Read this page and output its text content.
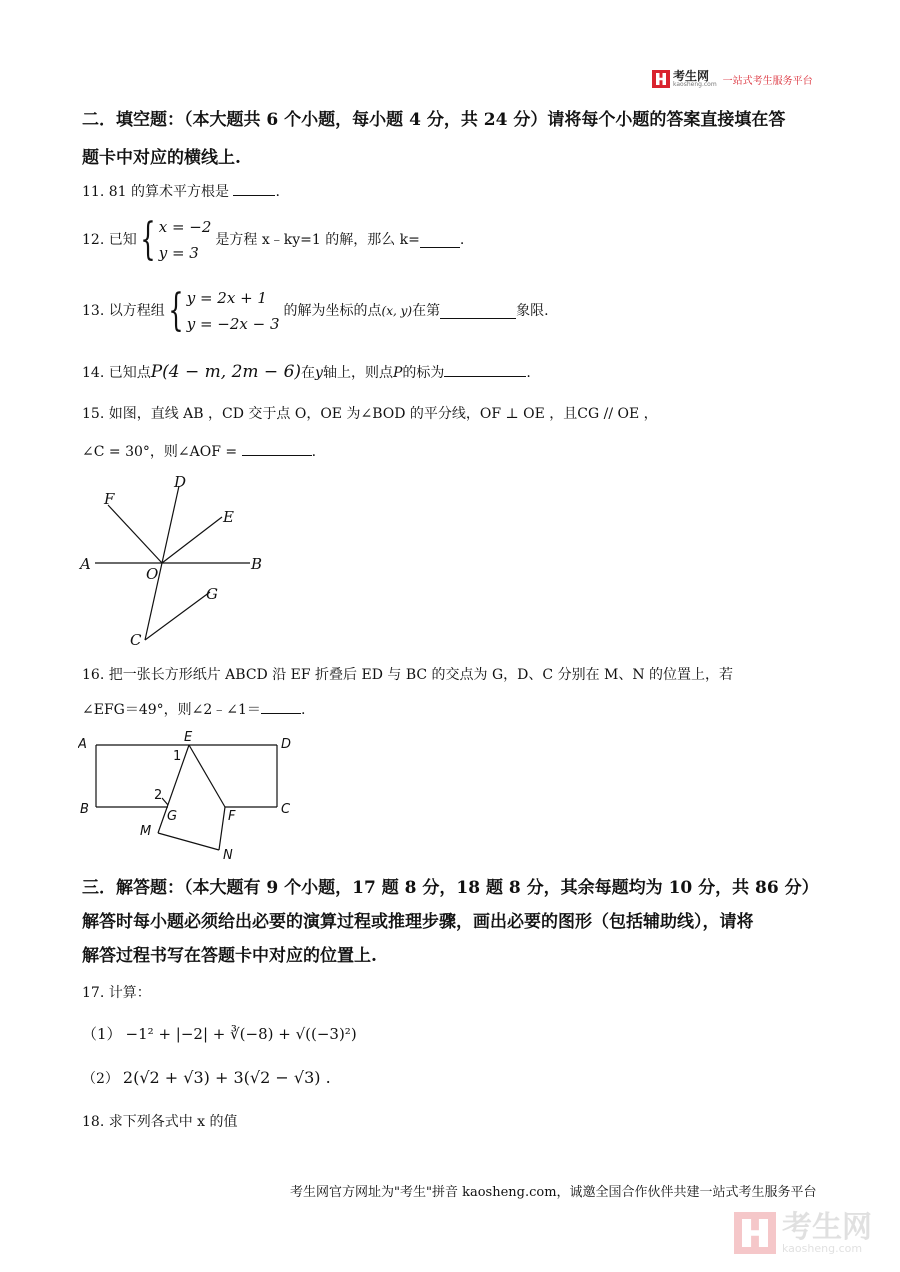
考生网
kaosheng.com 一站式考生服务平台
二．填空题：（本大题共 6 个小题，每小题 4 分，共 24 分）请将每个小题的答案直接填在答
题卡中对应的横线上.
11. 81 的算术平方根是	.
12. 已知 { x = −2
y = 3
是方程 x﹣ky=1 的解，那么 k=	.
13. 以方程组 { y = 2x + 1
y = −2x − 3
的解为坐标的点 (x, y) 在第	象限.
14. 已知点P(4 − m, 2m − 6)在y轴上，则点P的标为	.
15. 如图，直线 AB ，CD 交于点 O，OE 为∠BOD 的平分线，OF ⊥ OE ，且CG // OE ，
∠C = 30°，则∠AOF =	.
A	B
C
D
E
F
G
O
16. 把一张长方形纸片 ABCD 沿 EF 折叠后 ED 与 BC 的交点为 G，D、C 分别在 M、N 的位置上，若
∠EFG＝49°，则∠2﹣∠1＝	.
A	D
B	C
E
F
G
M
N
1
2
三．解答题：（本大题有 9 个小题，17 题 8 分，18 题 8 分，其余每题均为 10 分，共 86 分）
解答时每小题必须给出必要的演算过程或推理步骤，画出必要的图形（包括辅助线），请将
解答过程书写在答题卡中对应的位置上.
17. 计算：
（1） −1² + |−2| + ∛(−8) + √((−3)²)
（2） 2(√2 + √3) + 3(√2 − √3) .
18. 求下列各式中 x 的值
考生网官方网址为"考生"拼音 kaosheng.com，诚邀全国合作伙伴共建一站式考生服务平台
考生网
kaosheng.com
